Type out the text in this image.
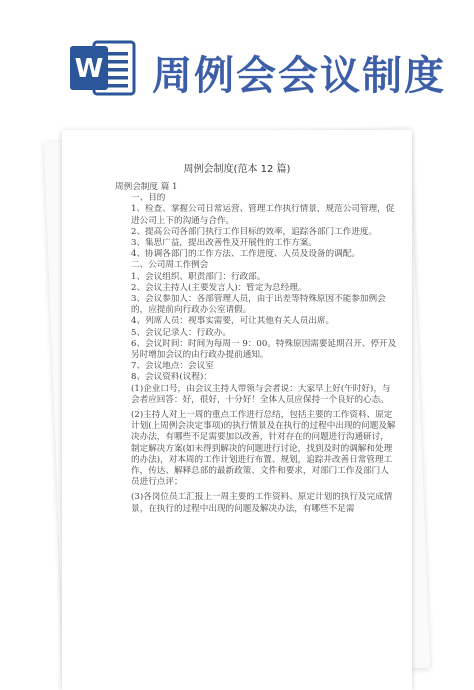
W 周例会会议制度
周例会制度(范本 12 篇)

周例会制度 篇 1

一、目的

1、检查、掌握公司日常运营、管理工作执行情景，规范公司管理，促进公司上下的沟通与合作。

2、提高公司各部门执行工作目标的效率，追踪各部门工作进度。

3、集思广益，提出改善性及开展性的工作方案。

4、协调各部门的工作方法、工作进度、人员及设备的调配。

二、公司周工作例会

1、会议组织、职责部门：行政部。

2、会议主持人(主要发言人)：暂定为总经理。

3、会议参加人：各部管理人员，由于出差等特殊原因不能参加例会的，应提前向行政办公室请假。

4、列席人员：视事实需要，可让其他有关人员出席。

5、会议记录人：行政办。

6、会议时间：时间为每周一 9：00。特殊原因需要延期召开、停开及另时增加会议的由行政办提前通知。

7、会议地点：会议室

8、会议资料(议程)：

(1)企业口号，由会议主持人带领与会者说：大家早上好(午时好)，与会者应回答：好，很好，十分好！全体人员应保持一个良好的心态。

(2)主持人对上一周的重点工作进行总结，包括主要的工作资料、原定计划(上周例会决定事项)的执行情景及在执行的过程中出现的问题及解决办法，有哪些不足需要加以改善，针对存在的问题进行沟通研讨，制定解决方案(如未得到解决的问题进行讨论，找到及时的调解和处理的办法)，对本周的工作计划进行布置、规划，追踪并改善日常管理工作，传达、解释总部的最新政策、文件和要求，对部门工作及部门人员进行点评；

(3)各岗位员工汇报上一周主要的工作资料、原定计划的执行及完成情景，在执行的过程中出现的问题及解决办法，有哪些不足需
